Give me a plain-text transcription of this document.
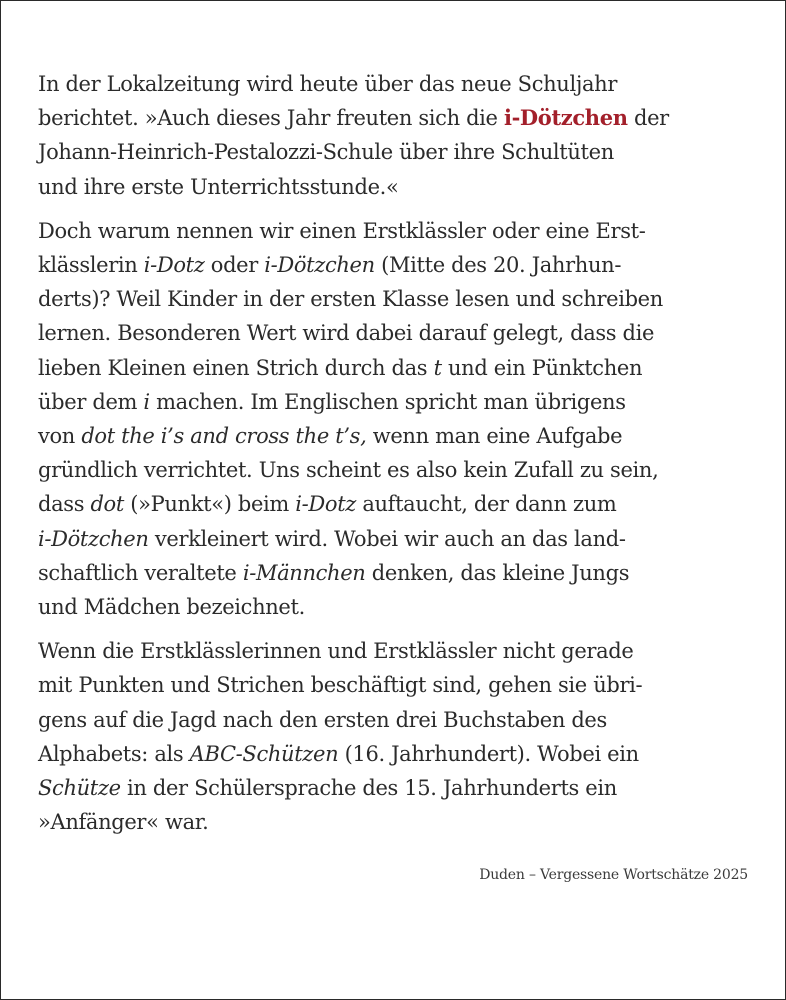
In der Lokalzeitung wird heute über das neue Schuljahr
berichtet. »Auch dieses Jahr freuten sich die i-Dötzchen der
Johann-Heinrich-Pestalozzi-Schule über ihre Schultüten
und ihre erste Unterrichtsstunde.«
Doch warum nennen wir einen Erstklässler oder eine Erst-
klässlerin i-Dotz oder i-Dötzchen (Mitte des 20. Jahrhun-
derts)? Weil Kinder in der ersten Klasse lesen und schreiben
lernen. Besonderen Wert wird dabei darauf gelegt, dass die
lieben Kleinen einen Strich durch das t und ein Pünktchen
über dem i machen. Im Englischen spricht man übrigens
von dot the i’s and cross the t’s, wenn man eine Aufgabe
gründlich verrichtet. Uns scheint es also kein Zufall zu sein,
dass dot (»Punkt«) beim i-Dotz auftaucht, der dann zum
i-Dötzchen verkleinert wird. Wobei wir auch an das land-
schaftlich veraltete i-Männchen denken, das kleine Jungs
und Mädchen bezeichnet.
Wenn die Erstklässlerinnen und Erstklässler nicht gerade
mit Punkten und Strichen beschäftigt sind, gehen sie übri-
gens auf die Jagd nach den ersten drei Buchstaben des
Alphabets: als ABC-Schützen (16. Jahrhundert). Wobei ein
Schütze in der Schülersprache des 15. Jahrhunderts ein
»Anfänger« war.
Duden – Vergessene Wortschätze 2025
